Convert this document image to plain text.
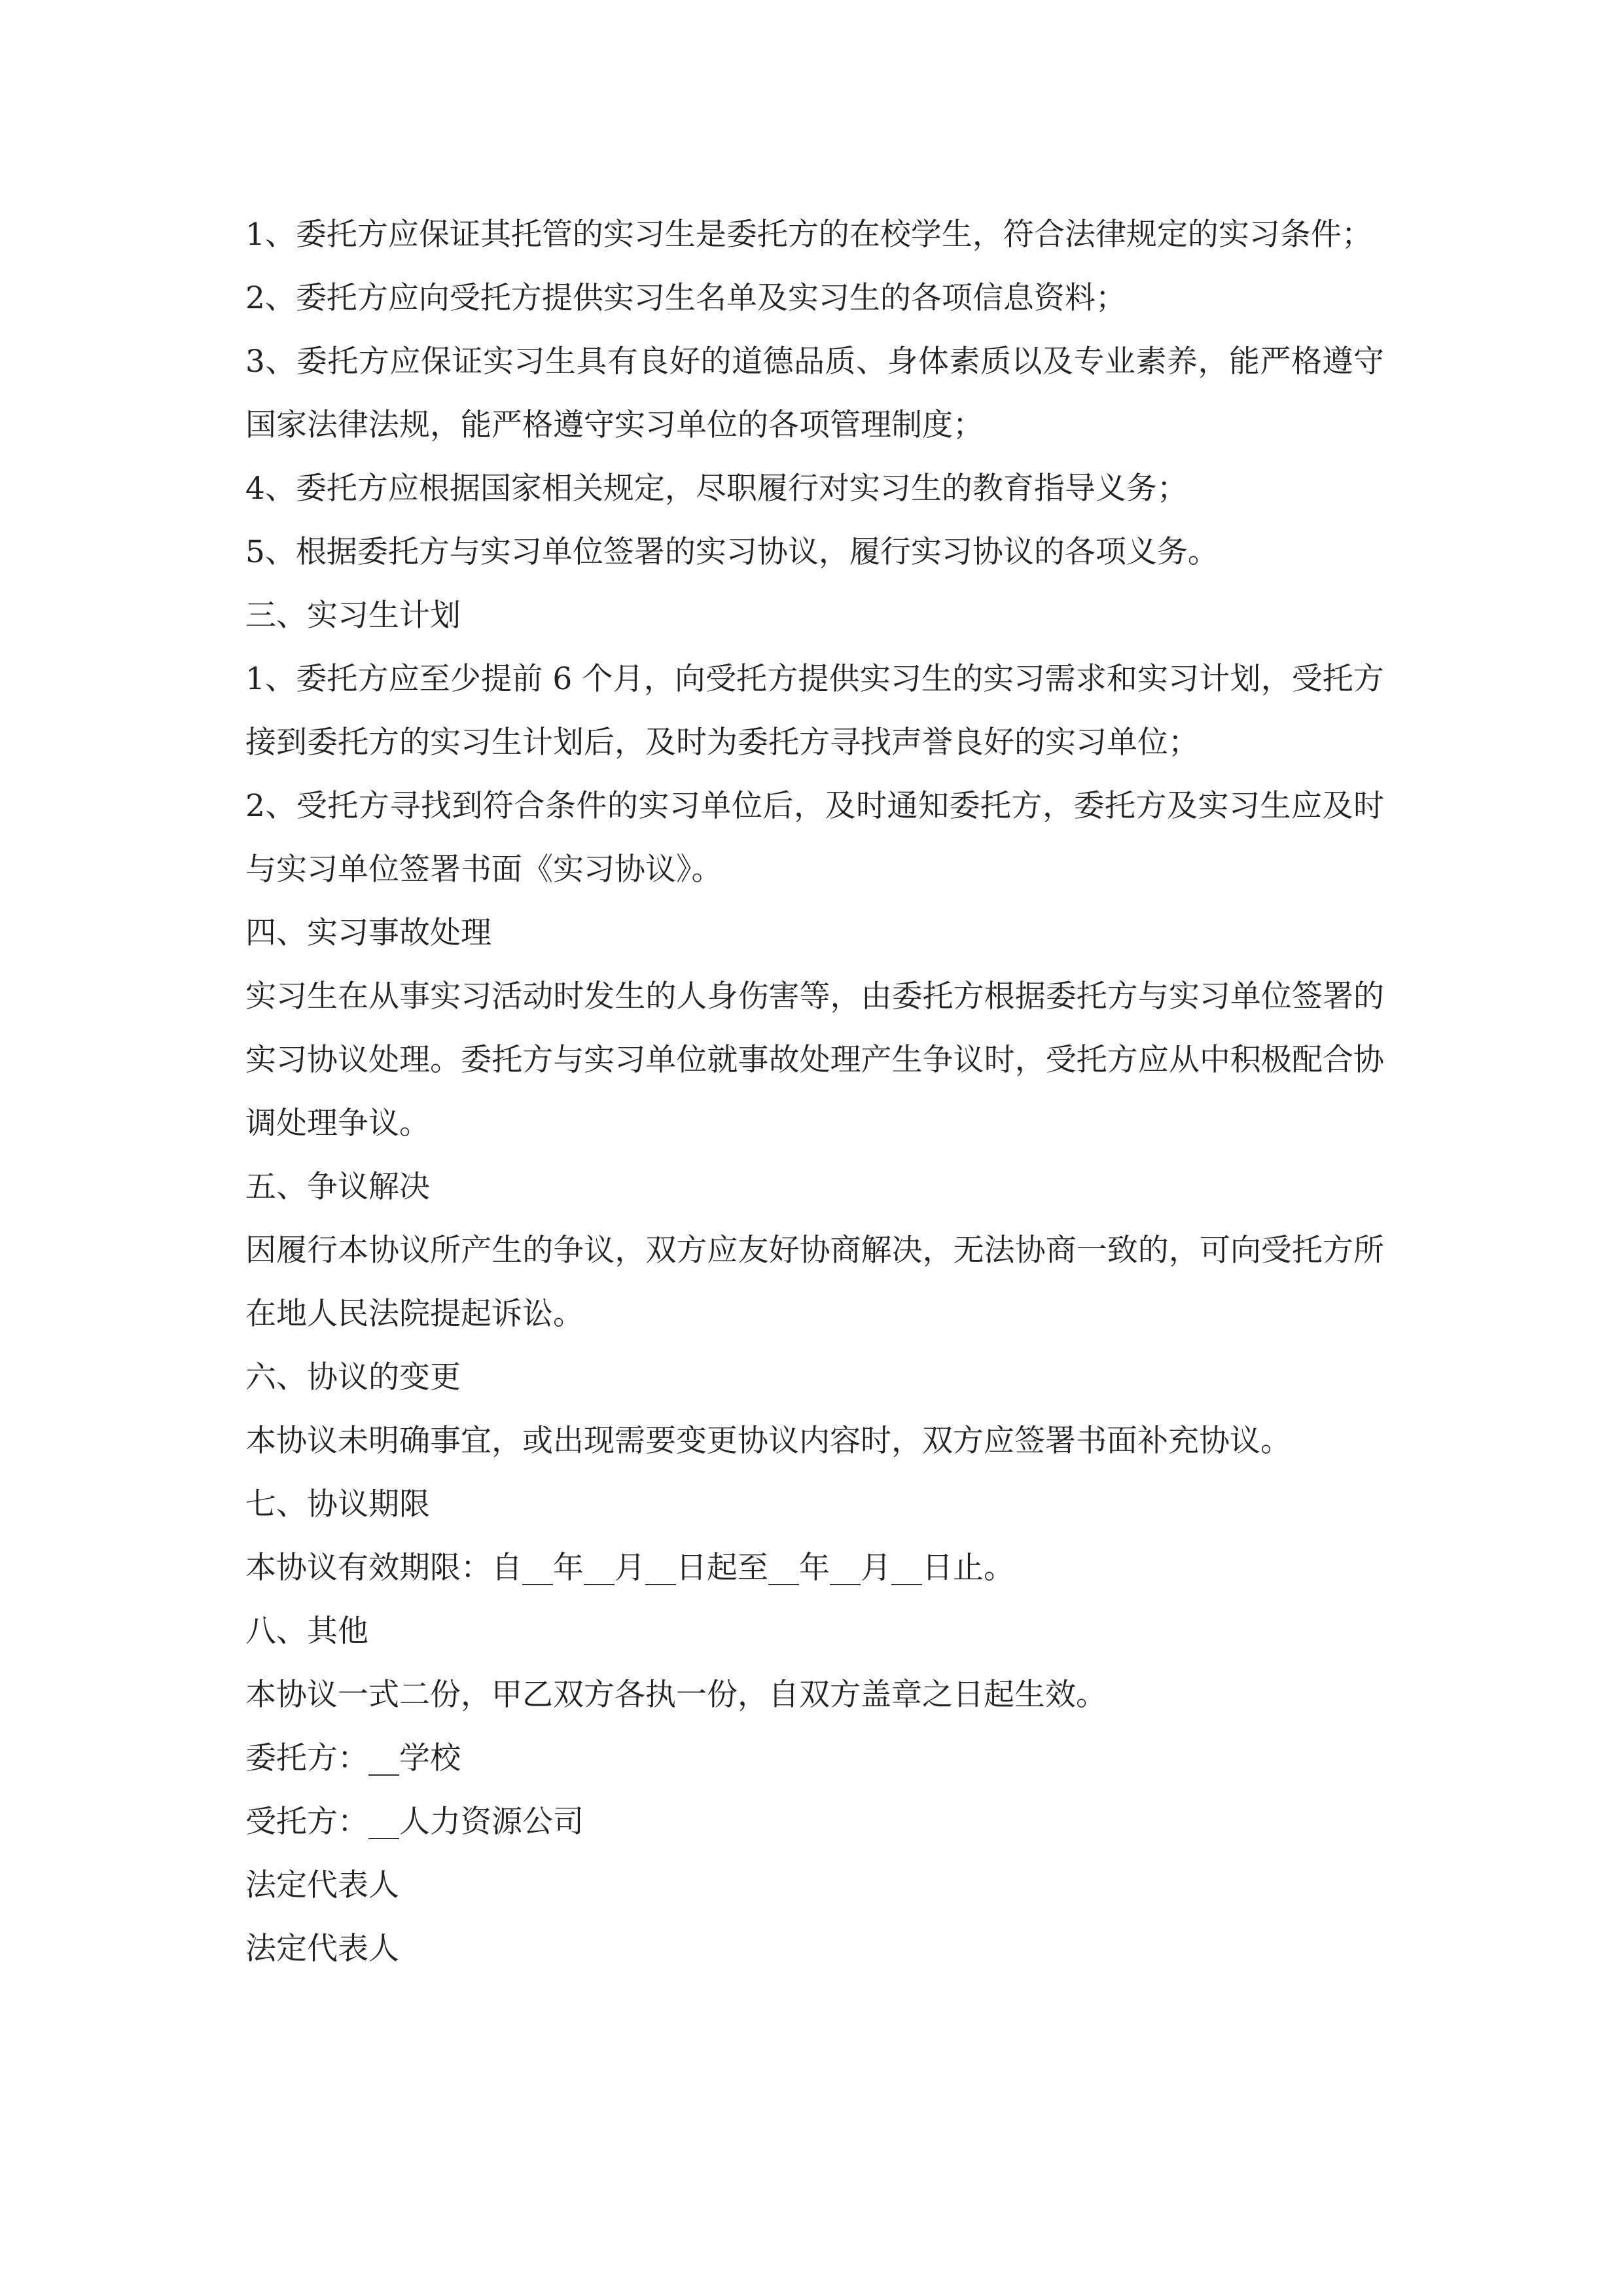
1、委托方应保证其托管的实习生是委托方的在校学生，符合法律规定的实习条件；

2、委托方应向受托方提供实习生名单及实习生的各项信息资料；

3、委托方应保证实习生具有良好的道德品质、身体素质以及专业素养，能严格遵守国家法律法规，能严格遵守实习单位的各项管理制度；

4、委托方应根据国家相关规定，尽职履行对实习生的教育指导义务；

5、根据委托方与实习单位签署的实习协议，履行实习协议的各项义务。

三、实习生计划

1、委托方应至少提前 6 个月，向受托方提供实习生的实习需求和实习计划，受托方接到委托方的实习生计划后，及时为委托方寻找声誉良好的实习单位；

2、受托方寻找到符合条件的实习单位后，及时通知委托方，委托方及实习生应及时与实习单位签署书面《实习协议》。

四、实习事故处理

实习生在从事实习活动时发生的人身伤害等，由委托方根据委托方与实习单位签署的实习协议处理。委托方与实习单位就事故处理产生争议时，受托方应从中积极配合协调处理争议。

五、争议解决

因履行本协议所产生的争议，双方应友好协商解决，无法协商一致的，可向受托方所在地人民法院提起诉讼。

六、协议的变更

本协议未明确事宜，或出现需要变更协议内容时，双方应签署书面补充协议。

七、协议期限

本协议有效期限：自__年__月__日起至__年__月__日止。

八、其他

本协议一式二份，甲乙双方各执一份，自双方盖章之日起生效。

委托方：__学校

受托方：__人力资源公司

法定代表人

法定代表人
